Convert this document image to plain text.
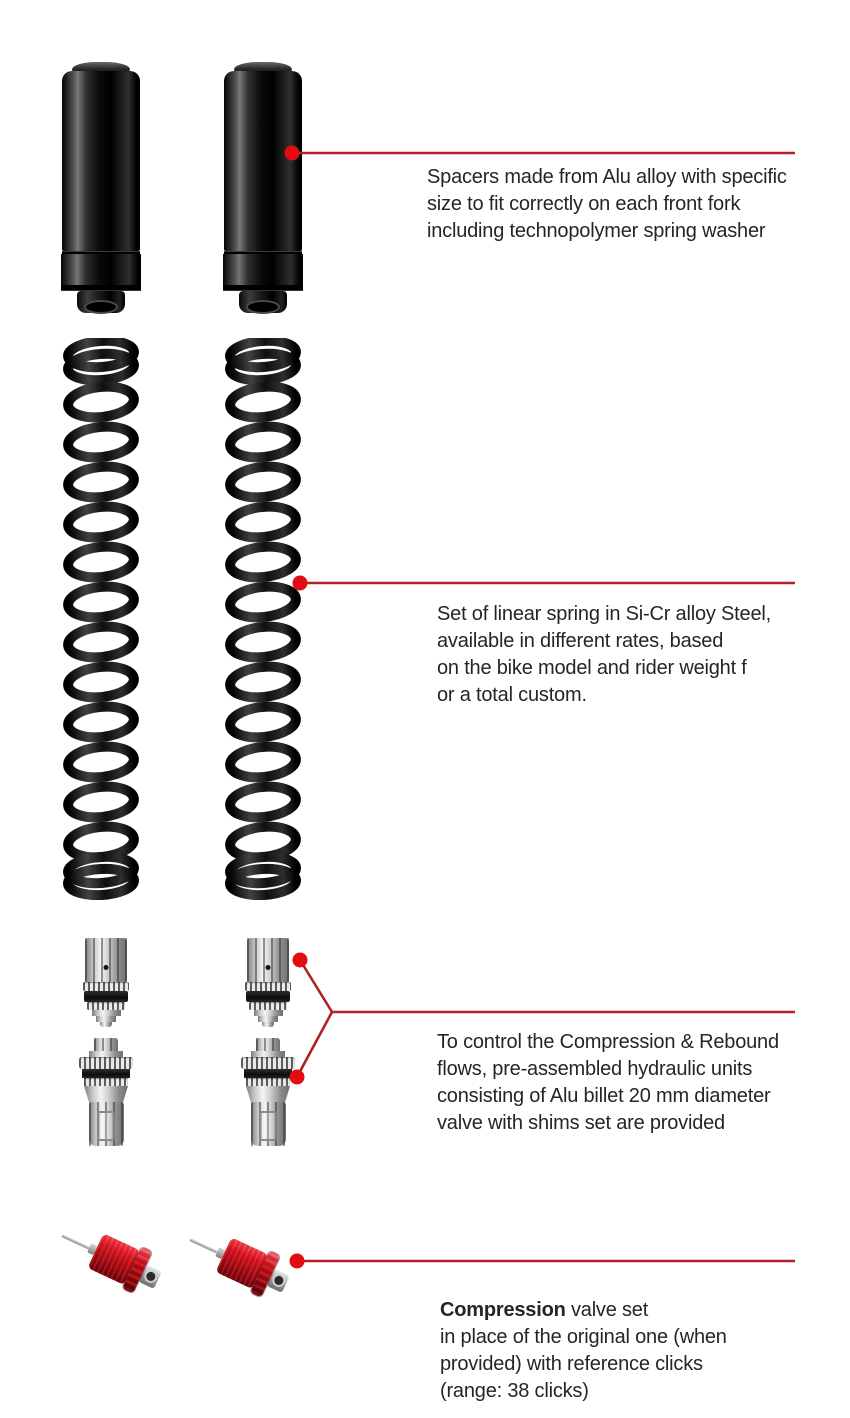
Spacers made from Alu alloy with specific
size to fit correctly on each front fork
including technopolymer spring washer
Set of linear spring in Si-Cr alloy Steel,
available in different rates, based
on the bike model and rider weight f
or a total custom.
To control the Compression & Rebound
flows, pre-assembled hydraulic units
consisting of Alu billet 20 mm diameter
valve with shims set are provided
Compression valve set
in place of the original one (when
provided) with reference clicks
(range: 38 clicks)
